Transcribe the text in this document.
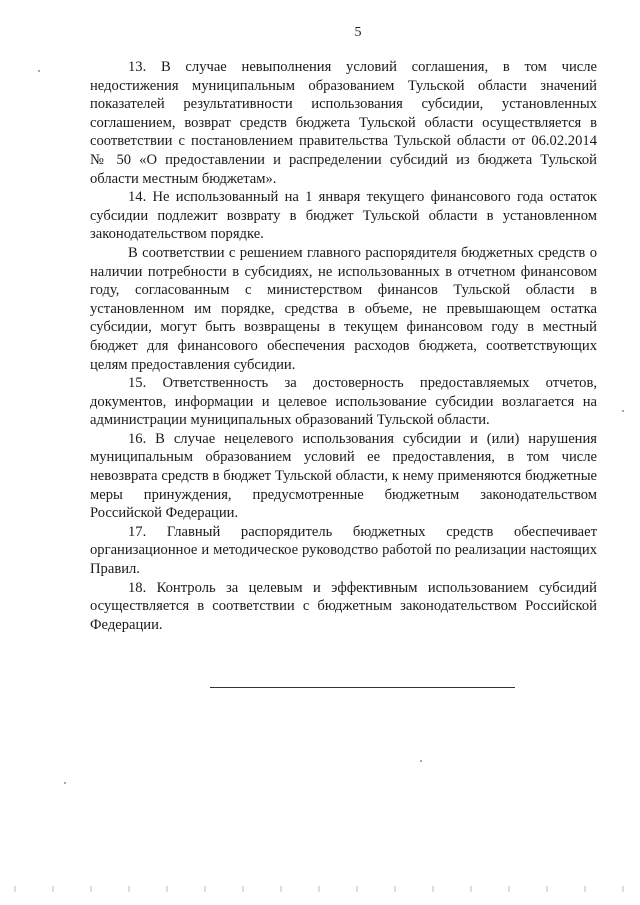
5

13. В случае невыполнения условий соглашения, в том числе недостижения муниципальным образованием Тульской области значений показателей результативности использования субсидии, установленных соглашением, возврат средств бюджета Тульской области осуществляется в соответствии с постановлением правительства Тульской области от 06.02.2014 № 50 «О предоставлении и распределении субсидий из бюджета Тульской области местным бюджетам».

14. Не использованный на 1 января текущего финансового года остаток субсидии подлежит возврату в бюджет Тульской области в установленном законодательством порядке.

В соответствии с решением главного распорядителя бюджетных средств о наличии потребности в субсидиях, не использованных в отчетном финансовом году, согласованным с министерством финансов Тульской области в установленном им порядке, средства в объеме, не превышающем остатка субсидии, могут быть возвращены в текущем финансовом году в местный бюджет для финансового обеспечения расходов бюджета, соответствующих целям предоставления субсидии.

15. Ответственность за достоверность предоставляемых отчетов, документов, информации и целевое использование субсидии возлагается на администрации муниципальных образований Тульской области.

16. В случае нецелевого использования субсидии и (или) нарушения муниципальным образованием условий ее предоставления, в том числе невозврата средств в бюджет Тульской области, к нему применяются бюджетные меры принуждения, предусмотренные бюджетным законодательством Российской Федерации.

17. Главный распорядитель бюджетных средств обеспечивает организационное и методическое руководство работой по реализации настоящих Правил.

18. Контроль за целевым и эффективным использованием субсидий осуществляется в соответствии с бюджетным законодательством Российской Федерации.
